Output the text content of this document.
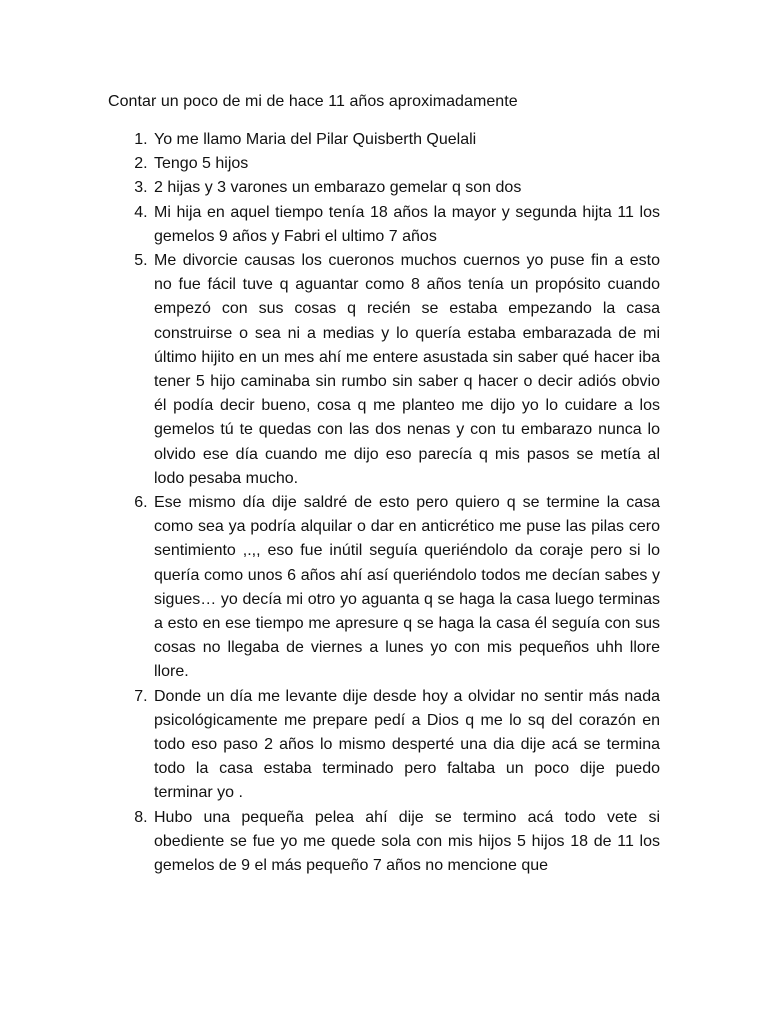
Contar un poco de mi de hace 11 años aproximadamente

1. Yo me llamo Maria del Pilar Quisberth Quelali
2. Tengo 5 hijos
3. 2 hijas y 3 varones un embarazo gemelar q son dos
4. Mi hija en aquel tiempo tenía 18 años la mayor y segunda hijta 11 los gemelos 9 años y Fabri el ultimo 7 años
5. Me divorcie causas los cueronos muchos cuernos yo puse fin a esto no fue fácil tuve q aguantar como 8 años tenía un propósito cuando empezó con sus cosas q recién se estaba empezando la casa construirse o sea ni a medias y lo quería estaba embarazada de mi último hijito en un mes ahí me entere asustada sin saber qué hacer iba tener 5 hijo caminaba sin rumbo sin saber q hacer o decir adiós obvio él podía decir bueno, cosa q me planteo me dijo yo lo cuidare a los gemelos tú te quedas con las dos nenas y con tu embarazo nunca lo olvido ese día cuando me dijo eso parecía q mis pasos se metía al lodo pesaba mucho.
6. Ese mismo día dije saldré de esto pero quiero q se termine la casa como sea ya podría alquilar o dar en anticrético me puse las pilas cero sentimiento ,.,, eso fue inútil seguía queriéndolo da coraje pero si lo quería como unos 6 años ahí así queriéndolo todos me decían sabes y sigues… yo decía mi otro yo aguanta q se haga la casa luego terminas a esto en ese tiempo me apresure q se haga la casa él seguía con sus cosas no llegaba de viernes a lunes yo con mis pequeños uhh llore llore.
7. Donde un día me levante dije desde hoy a olvidar no sentir más nada psicológicamente me prepare pedí a Dios q me lo sq del corazón en todo eso paso 2 años lo mismo desperté una dia dije acá se termina todo la casa estaba terminado pero faltaba un poco dije puedo terminar yo .
8. Hubo una pequeña pelea ahí dije se termino acá todo vete si obediente se fue yo me quede sola con mis hijos 5 hijos 18 de 11 los gemelos de 9 el más pequeño 7 años no mencione que
